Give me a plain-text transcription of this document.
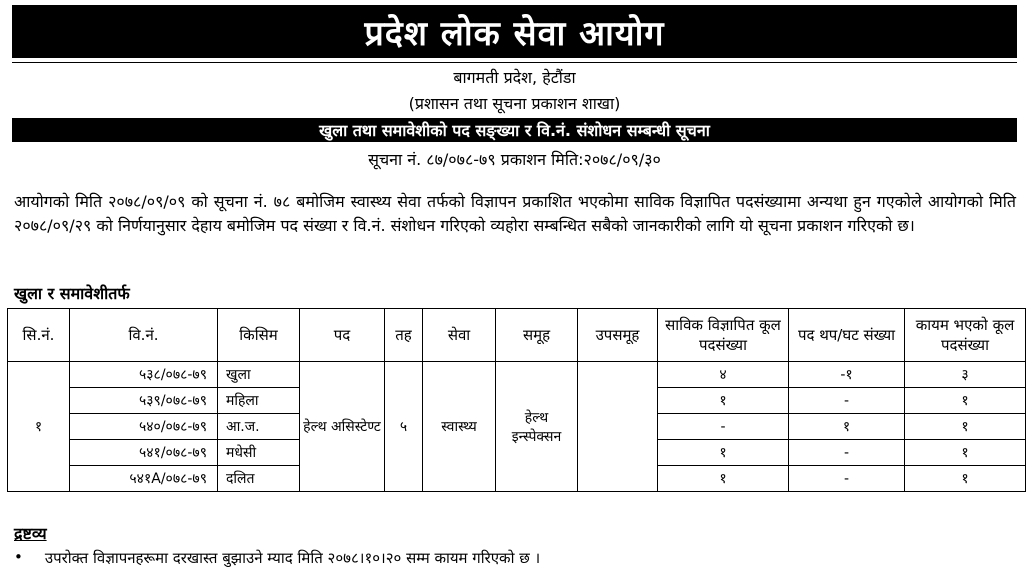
प्रदेश लोक सेवा आयोग
बागमती प्रदेश, हेटौंडा
(प्रशासन तथा सूचना प्रकाशन शाखा)
खुला तथा समावेशीको पद सङ्ख्या र वि.नं. संशोधन सम्बन्धी सूचना
सूचना नं. ८७/०७८-७९ प्रकाशन मिति:२०७८/०९/३०
आयोगको मिति २०७८/०९/०९ को सूचना नं. ७८ बमोजिम स्वास्थ्य सेवा तर्फको विज्ञापन प्रकाशित भएकोमा साविक विज्ञापित पदसंख्यामा अन्यथा हुन गएकोले आयोगको मिति २०७८/०९/२९ को निर्णयानुसार देहाय बमोजिम पद संख्या र वि.नं. संशोधन गरिएको व्यहोरा सम्बन्धित सबैको जानकारीको लागि यो सूचना प्रकाशन गरिएको छ।
खुला र समावेशीतर्फ
सि.नं.	वि.नं.	किसिम	पद	तह	सेवा	समूह	उपसमूह	साविक विज्ञापित कूल पदसंख्या	पद थप/घट संख्या	कायम भएको कूल पदसंख्या
१	५३८/०७८-७९	खुला	हेल्थ असिस्टेण्ट	५	स्वास्थ्य	हेल्थ इन्स्पेक्सन		४	-१	३
	५३९/०७८-७९	महिला						१	-	१
	५४०/०७८-७९	आ.ज.						-	१	१
	५४१/०७८-७९	मधेसी						१	-	१
	५४१A/०७८-७९	दलित						१	-	१
द्रष्टव्य
• उपरोक्त विज्ञापनहरूमा दरखास्त बुझाउने म्याद मिति २०७८।१०।२० सम्म कायम गरिएको छ ।
